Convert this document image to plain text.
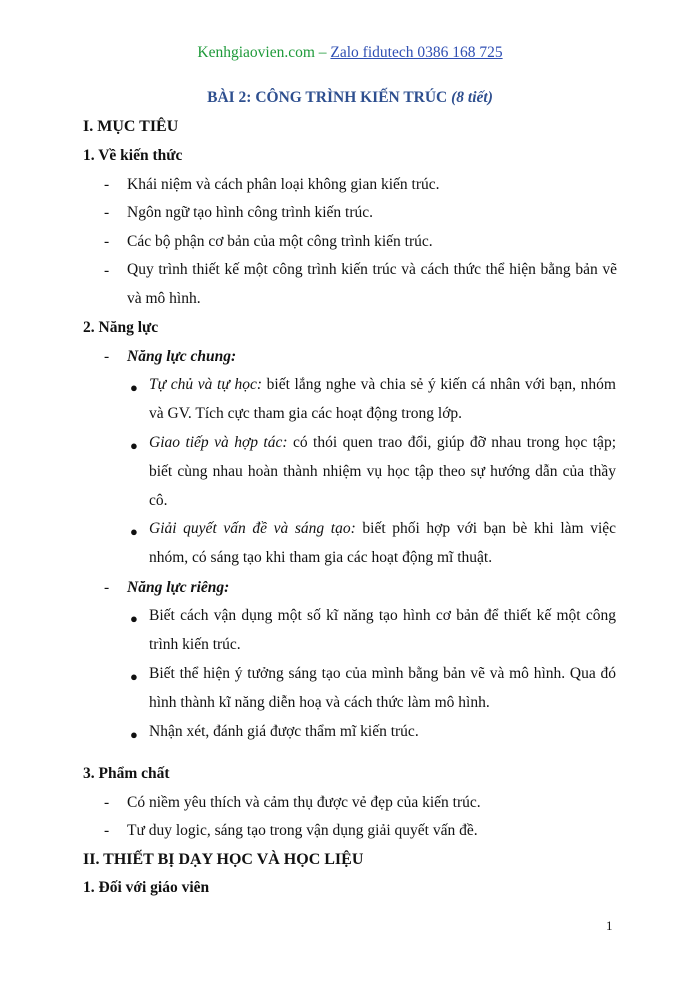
Kenhgiaovien.com – Zalo fidutech 0386 168 725
BÀI 2: CÔNG TRÌNH KIẾN TRÚC (8 tiết)
I. MỤC TIÊU
1. Về kiến thức
- Khái niệm và cách phân loại không gian kiến trúc.
- Ngôn ngữ tạo hình công trình kiến trúc.
- Các bộ phận cơ bản của một công trình kiến trúc.
- Quy trình thiết kế một công trình kiến trúc và cách thức thể hiện bằng bản vẽ và mô hình.
2. Năng lực
- Năng lực chung:
● Tự chủ và tự học: biết lắng nghe và chia sẻ ý kiến cá nhân với bạn, nhóm và GV. Tích cực tham gia các hoạt động trong lớp.
● Giao tiếp và hợp tác: có thói quen trao đổi, giúp đỡ nhau trong học tập; biết cùng nhau hoàn thành nhiệm vụ học tập theo sự hướng dẫn của thầy cô.
● Giải quyết vấn đề và sáng tạo: biết phối hợp với bạn bè khi làm việc nhóm, có sáng tạo khi tham gia các hoạt động mĩ thuật.
- Năng lực riêng:
● Biết cách vận dụng một số kĩ năng tạo hình cơ bản để thiết kế một công trình kiến trúc.
● Biết thể hiện ý tưởng sáng tạo của mình bằng bản vẽ và mô hình. Qua đó hình thành kĩ năng diễn hoạ và cách thức làm mô hình.
● Nhận xét, đánh giá được thẩm mĩ kiến trúc.
3. Phẩm chất
- Có niềm yêu thích và cảm thụ được vẻ đẹp của kiến trúc.
- Tư duy logic, sáng tạo trong vận dụng giải quyết vấn đề.
II. THIẾT BỊ DẠY HỌC VÀ HỌC LIỆU
1. Đối với giáo viên
1
